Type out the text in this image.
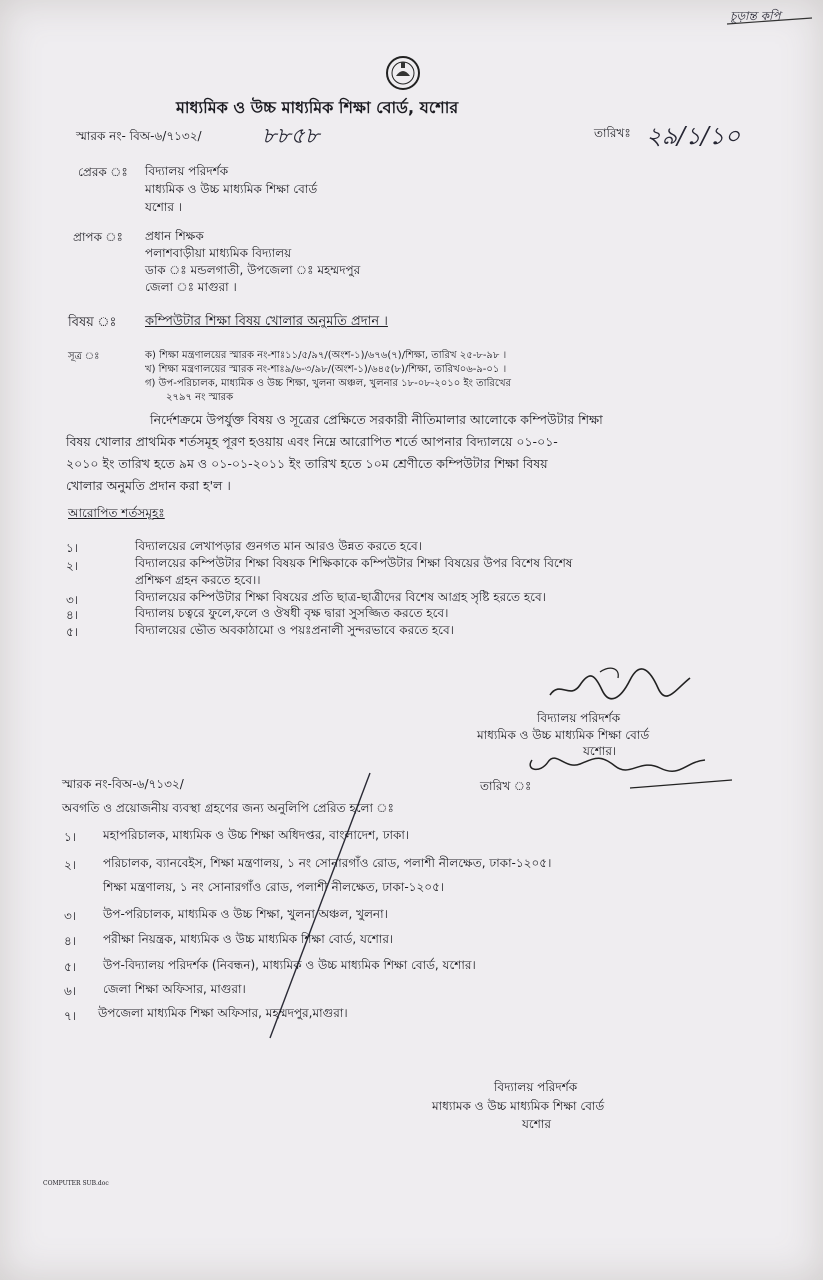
চূড়ান্ত কপি
মাধ্যমিক ও উচ্চ মাধ্যমিক শিক্ষা বোর্ড, যশোর
স্মারক নং- বিঅ-৬/৭১৩২/	৮৮৫৮	তারিখঃ ২৯/১/১০
প্রেরক ঃ বিদ্যালয় পরিদর্শক
মাধ্যমিক ও উচ্চ মাধ্যমিক শিক্ষা বোর্ড
যশোর ।
প্রাপক ঃ প্রধান শিক্ষক
পলাশবাড়ীয়া মাধ্যমিক বিদ্যালয়
ডাক ঃ মন্ডলগাতী, উপজেলা ঃ মহম্মদপুর
জেলা ঃ মাগুরা ।
বিষয় ঃ কম্পিউটার শিক্ষা বিষয় খোলার অনুমতি প্রদান ।
সূত্র ঃ	ক) শিক্ষা মন্ত্রণালয়ের স্মারক নং-শাঃ১১/৫/৯৭/(অংশ-১)/৬৭৬(৭)/শিক্ষা, তারিখ ২৫-৮-৯৮ ।
খ) শিক্ষা মন্ত্রণালয়ের স্মারক নং-শাঃ৯/৬-৩/৯৮/(অংশ-১)/৬৪৫(৮)/শিক্ষা, তারিখ০৬-৯-০১ ।
গ) উপ-পরিচালক, মাধ্যমিক ও উচ্চ শিক্ষা, খুলনা অঞ্চল, খুলনার ১৮-০৮-২০১০ ইং তারিখের
২৭৯৭ নং স্মারক
নির্দেশক্রমে উপর্যুক্ত বিষয় ও সূত্রের প্রেক্ষিতে সরকারী নীতিমালার আলোকে কম্পিউটার শিক্ষা
বিষয় খোলার প্রাথমিক শর্তসমূহ পূরণ হওয়ায় এবং নিম্নে আরোপিত শর্তে আপনার বিদ্যালয়ে ০১-০১-
২০১০ ইং তারিখ হতে ৯ম ও ০১-০১-২০১১ ইং তারিখ হতে ১০ম শ্রেণীতে কম্পিউটার শিক্ষা বিষয়
খোলার অনুমতি প্রদান করা হ'ল ।
আরোপিত শর্তসমূহঃ
১।	বিদ্যালয়ের লেখাপড়ার গুনগত মান আরও উন্নত করতে হবে।
২।	বিদ্যালয়ের কম্পিউটার শিক্ষা বিষয়ক শিক্ষিকাকে কম্পিউটার শিক্ষা বিষয়ের উপর বিশেষ বিশেষ
প্রশিক্ষণ গ্রহন করতে হবে।।
৩।	বিদ্যালয়ের কম্পিউটার শিক্ষা বিষয়ের প্রতি ছাত্র-ছাত্রীদের বিশেষ আগ্রহ সৃষ্টি হরতে হবে।
৪।	বিদ্যালয় চত্বরে ফুলে,ফলে ও ঔষধী বৃক্ষ দ্বারা সুসজ্জিত করতে হবে।
৫।	বিদ্যালয়ের ভৌত অবকাঠামো ও পয়ঃপ্রনালী সুন্দরভাবে করতে হবে।
বিদ্যালয় পরিদর্শক
মাধ্যমিক ও উচ্চ মাধ্যমিক শিক্ষা বোর্ড
যশোর।
স্মারক নং-বিঅ-৬/৭১৩২/	তারিখ ঃ
অবগতি ও প্রয়োজনীয় ব্যবস্থা গ্রহণের জন্য অনুলিপি প্রেরিত হলো ঃ
১। মহাপরিচালক, মাধ্যমিক ও উচ্চ শিক্ষা অধিদপ্তর, বাংলাদেশ, ঢাকা।
২। পরিচালক, ব্যানবেইস, শিক্ষা মন্ত্রণালয়, ১ নং সোনারগাঁও রোড, পলাশী নীলক্ষেত, ঢাকা-১২০৫।
শিক্ষা মন্ত্রণালয়, ১ নং সোনারগাঁও রোড, পলাশী নীলক্ষেত, ঢাকা-১২০৫।
৩। উপ-পরিচালক, মাধ্যমিক ও উচ্চ শিক্ষা, খুলনা অঞ্চল, খুলনা।
৪। পরীক্ষা নিয়ন্ত্রক, মাধ্যমিক ও উচ্চ মাধ্যমিক শিক্ষা বোর্ড, যশোর।
৫। উপ-বিদ্যালয় পরিদর্শক (নিবন্ধন), মাধ্যমিক ও উচ্চ মাধ্যমিক শিক্ষা বোর্ড, যশোর।
৬। জেলা শিক্ষা অফিসার, মাগুরা।
৭। উপজেলা মাধ্যমিক শিক্ষা অফিসার, মহম্মদপুর,মাগুরা।
বিদ্যালয় পরিদর্শক
মাধ্যামক ও উচ্চ মাধ্যমিক শিক্ষা বোর্ড
যশোর
COMPUTER SUB.doc
